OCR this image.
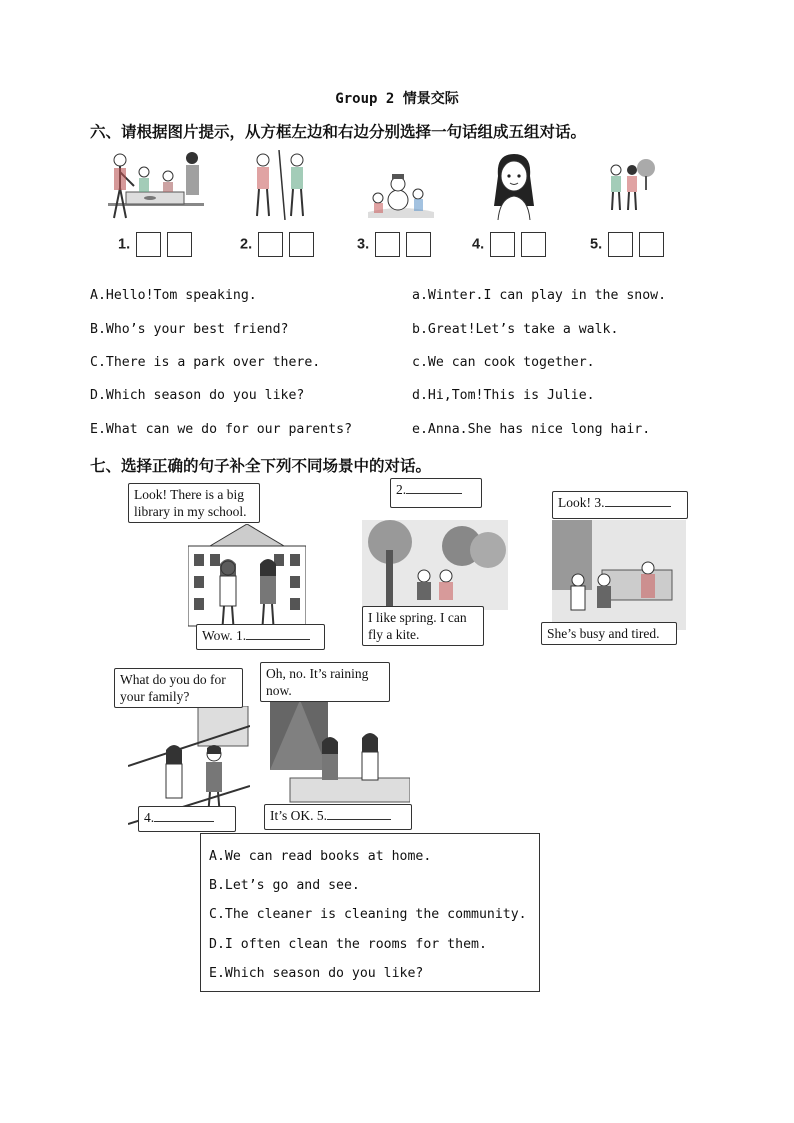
Group 2 情景交际
六、请根据图片提示，从方框左边和右边分别选择一句话组成五组对话。
1.	2.	3.	4.	5.
A.Hello!Tom speaking.
B.Who’s your best friend?
C.There is a park over there.
D.Which season do you like?
E.What can we do for our parents?
a.Winter.I can play in the snow.
b.Great!Let’s take a walk.
c.We can cook together.
d.Hi,Tom!This is Julie.
e.Anna.She has nice long hair.
七、选择正确的句子补全下列不同场景中的对话。
Look! There is a big library in my school.
Wow. 1.
2.
I like spring. I can fly a kite.
Look! 3.
She’s busy and tired.
What do you do for your family?
4.
Oh, no. It’s raining now.
It’s OK. 5.
A.We can read books at home.
B.Let’s go and see.
C.The cleaner is cleaning the community.
D.I often clean the rooms for them.
E.Which season do you like?
